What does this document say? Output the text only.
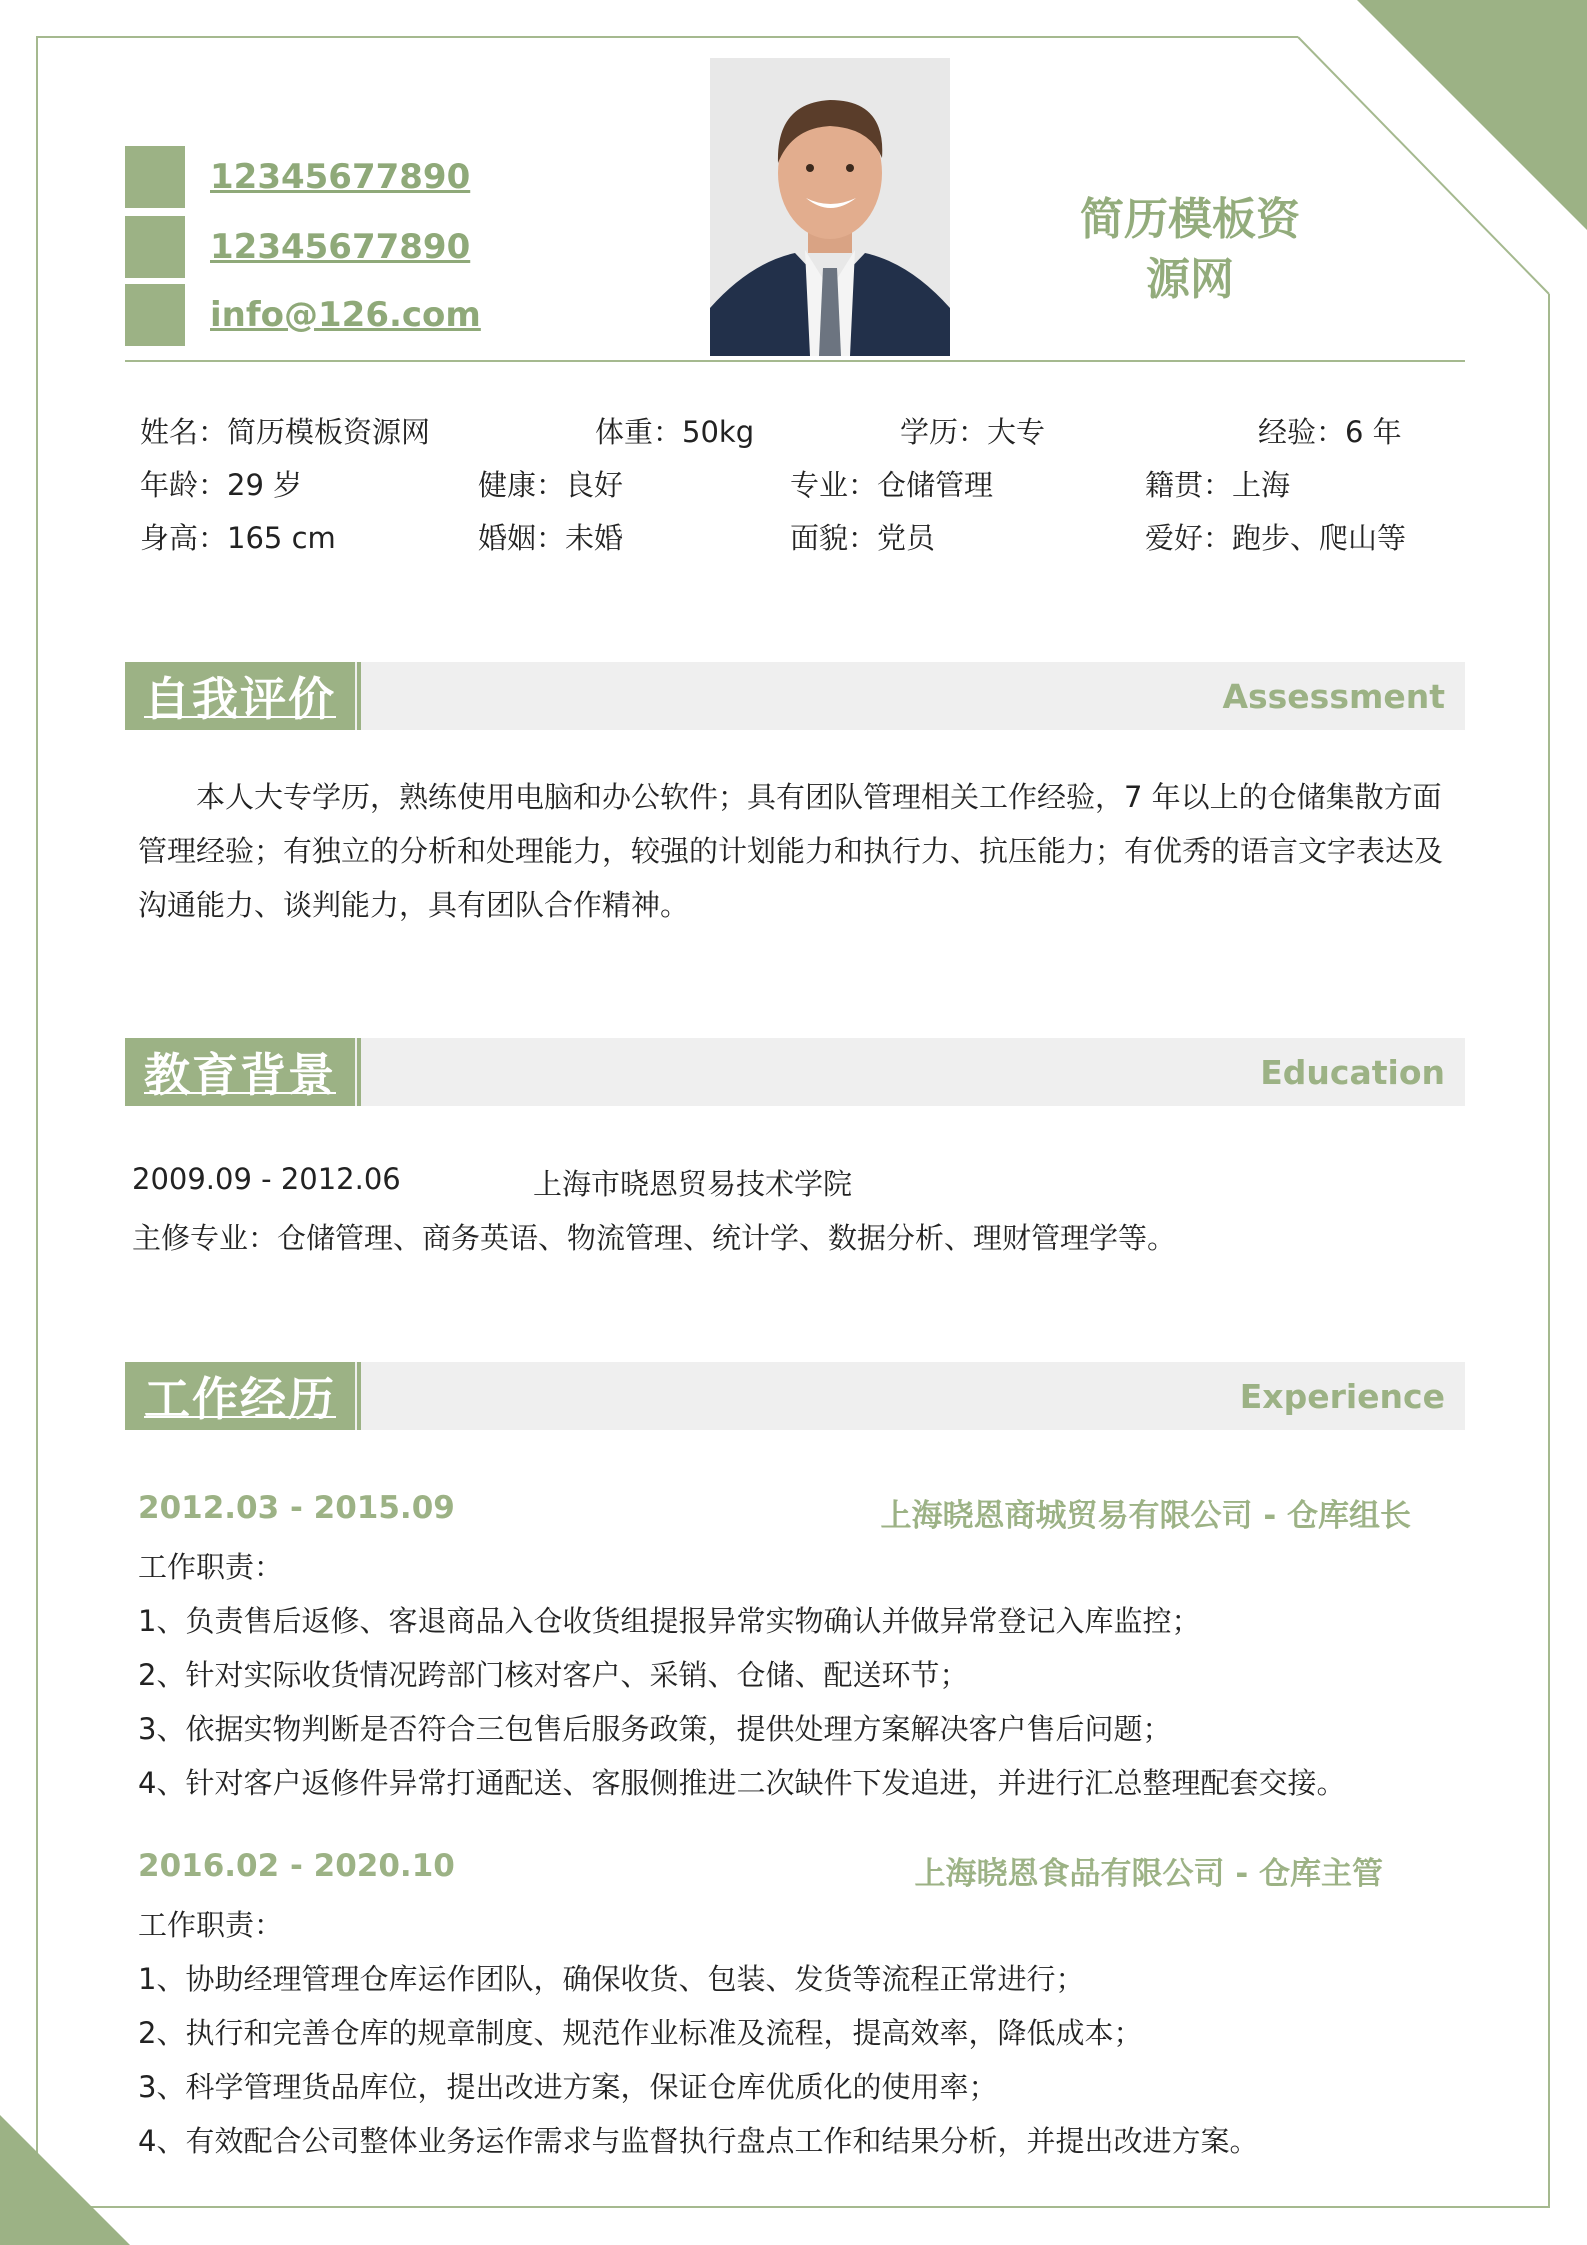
12345677890
12345677890
info@126.com
简历模板资
源网
姓名：简历模板资源网	体重：50kg	学历：大专	经验：6 年
年龄：29 岁	健康：良好	专业：仓储管理	籍贯：上海
身高：165 cm	婚姻：未婚	面貌：党员	爱好：跑步、爬山等
自我评价	Assessment
本人大专学历，熟练使用电脑和办公软件；具有团队管理相关工作经验，7 年以上的仓储集散方面
管理经验；有独立的分析和处理能力，较强的计划能力和执行力、抗压能力；有优秀的语言文字表达及
沟通能力、谈判能力，具有团队合作精神。
教育背景	Education
2009.09 - 2012.06	上海市晓恩贸易技术学院
主修专业：仓储管理、商务英语、物流管理、统计学、数据分析、理财管理学等。
工作经历	Experience
2012.03 - 2015.09	上海晓恩商城贸易有限公司 - 仓库组长
工作职责：
1、负责售后返修、客退商品入仓收货组提报异常实物确认并做异常登记入库监控；
2、针对实际收货情况跨部门核对客户、采销、仓储、配送环节；
3、依据实物判断是否符合三包售后服务政策，提供处理方案解决客户售后问题；
4、针对客户返修件异常打通配送、客服侧推进二次缺件下发追进，并进行汇总整理配套交接。
2016.02 - 2020.10	上海晓恩食品有限公司 - 仓库主管
工作职责：
1、协助经理管理仓库运作团队，确保收货、包装、发货等流程正常进行；
2、执行和完善仓库的规章制度、规范作业标准及流程，提高效率，降低成本；
3、科学管理货品库位，提出改进方案，保证仓库优质化的使用率；
4、有效配合公司整体业务运作需求与监督执行盘点工作和结果分析，并提出改进方案。
